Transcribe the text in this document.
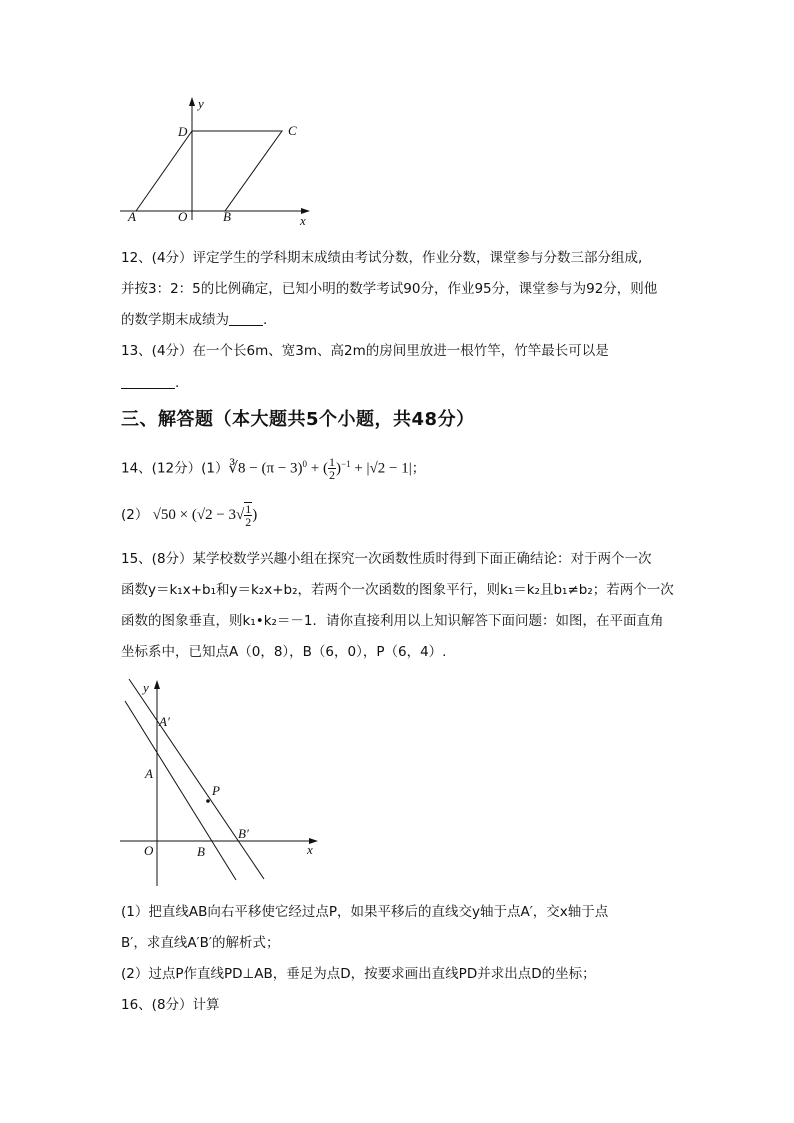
y
x
D	C
A	O	B
12、(4分）评定学生的学科期末成绩由考试分数，作业分数，课堂参与分数三部分组成,
并按3：2：5的比例确定，已知小明的数学考试90分，作业95分，课堂参与为92分，则他
的数学期末成绩为	.
13、(4分）在一个长6m、宽3m、高2m的房间里放进一根竹竿，竹竿最长可以是
.
三、解答题（本大题共5个小题，共48分）
14、(12分）(1）∛8 − $(\pi - 3)^0$ + ( $\frac{1}{2} )^{-1} + |√2 - 1|$；
(2） $√50 \times (√2 - 3√ \frac{1}{2}$ )
15、(8分）某学校数学兴趣小组在探究一次函数性质时得到下面正确结论：对于两个一次
函数y＝k₁x+b₁和y＝k₂x+b₂，若两个一次函数的图象平行，则k₁＝k₂且b₁≠b₂；若两个一次
函数的图象垂直，则k₁•k₂＝－1．请你直接利用以上知识解答下面问题：如图，在平面直角
坐标系中，已知点A（0，8），B（6，0），P（6，4）.
y
x
A′
A
P
B′
O	B
(1）把直线AB向右平移使它经过点P，如果平移后的直线交y轴于点A′，交x轴于点
B′，求直线A′B′的解析式；
(2）过点P作直线PD⊥AB，垂足为点D，按要求画出直线PD并求出点D的坐标；
16、(8分）计算
